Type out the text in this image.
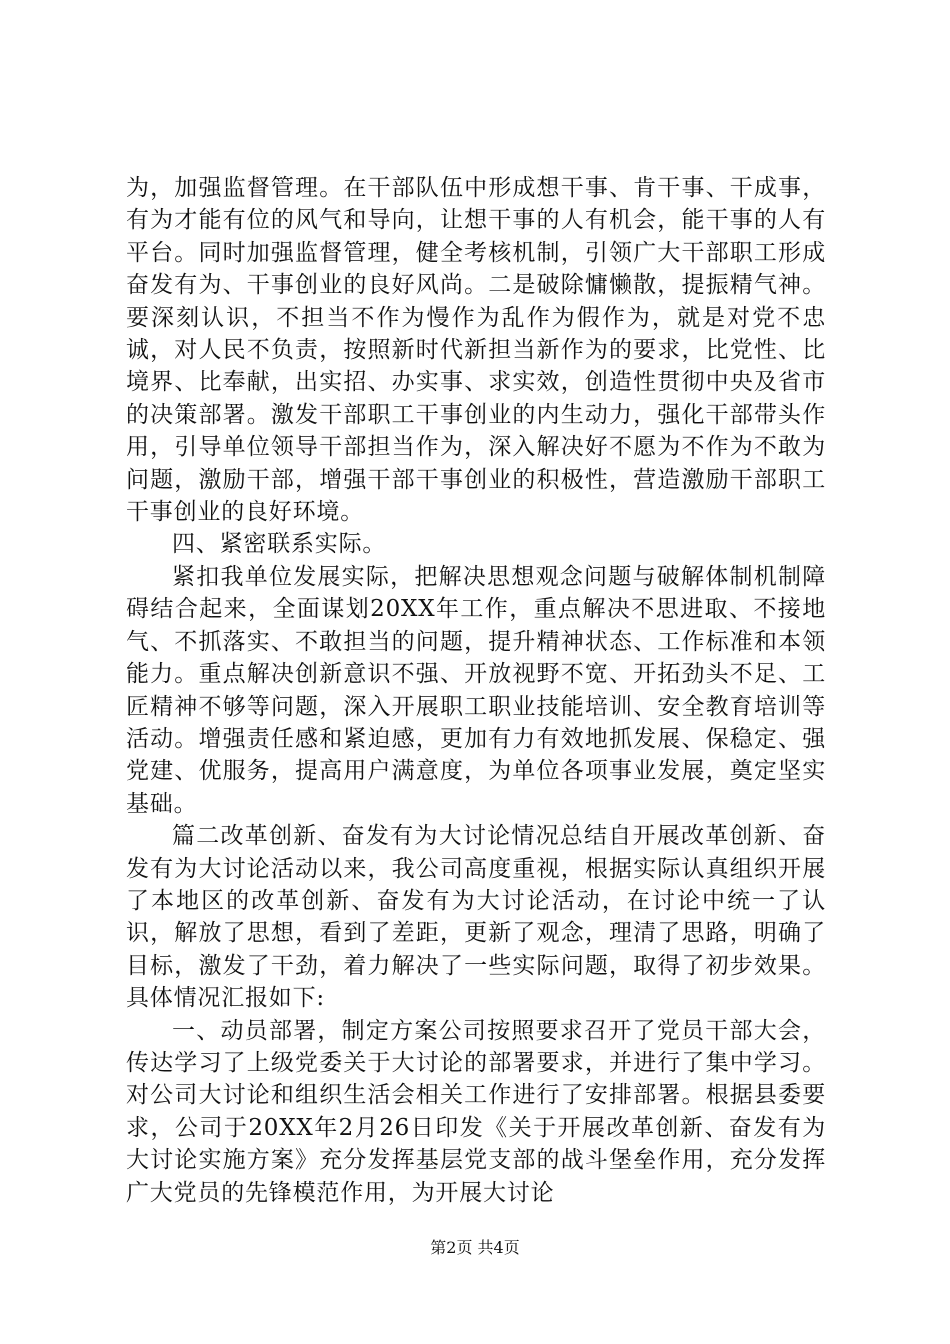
为，加强监督管理。在干部队伍中形成想干事、肯干事、干成事，有为才能有位的风气和导向，让想干事的人有机会，能干事的人有平台。同时加强监督管理，健全考核机制，引领广大干部职工形成奋发有为、干事创业的良好风尚。二是破除慵懒散，提振精气神。要深刻认识，不担当不作为慢作为乱作为假作为，就是对党不忠诚，对人民不负责，按照新时代新担当新作为的要求，比党性、比境界、比奉献，出实招、办实事、求实效，创造性贯彻中央及省市的决策部署。激发干部职工干事创业的内生动力，强化干部带头作用，引导单位领导干部担当作为，深入解决好不愿为不作为不敢为问题，激励干部，增强干部干事创业的积极性，营造激励干部职工干事创业的良好环境。

四、紧密联系实际。

紧扣我单位发展实际，把解决思想观念问题与破解体制机制障碍结合起来，全面谋划20XX年工作，重点解决不思进取、不接地气、不抓落实、不敢担当的问题，提升精神状态、工作标准和本领能力。重点解决创新意识不强、开放视野不宽、开拓劲头不足、工匠精神不够等问题，深入开展职工职业技能培训、安全教育培训等活动。增强责任感和紧迫感，更加有力有效地抓发展、保稳定、强党建、优服务，提高用户满意度，为单位各项事业发展，奠定坚实基础。

篇二改革创新、奋发有为大讨论情况总结自开展改革创新、奋发有为大讨论活动以来，我公司高度重视，根据实际认真组织开展了本地区的改革创新、奋发有为大讨论活动，在讨论中统一了认识，解放了思想，看到了差距，更新了观念，理清了思路，明确了目标，激发了干劲，着力解决了一些实际问题，取得了初步效果。具体情况汇报如下:

一、动员部署，制定方案公司按照要求召开了党员干部大会，传达学习了上级党委关于大讨论的部署要求，并进行了集中学习。对公司大讨论和组织生活会相关工作进行了安排部署。根据县委要求，公司于20XX年2月26日印发《关于开展改革创新、奋发有为大讨论实施方案》充分发挥基层党支部的战斗堡垒作用，充分发挥广大党员的先锋模范作用，为开展大讨论

第2页 共4页
